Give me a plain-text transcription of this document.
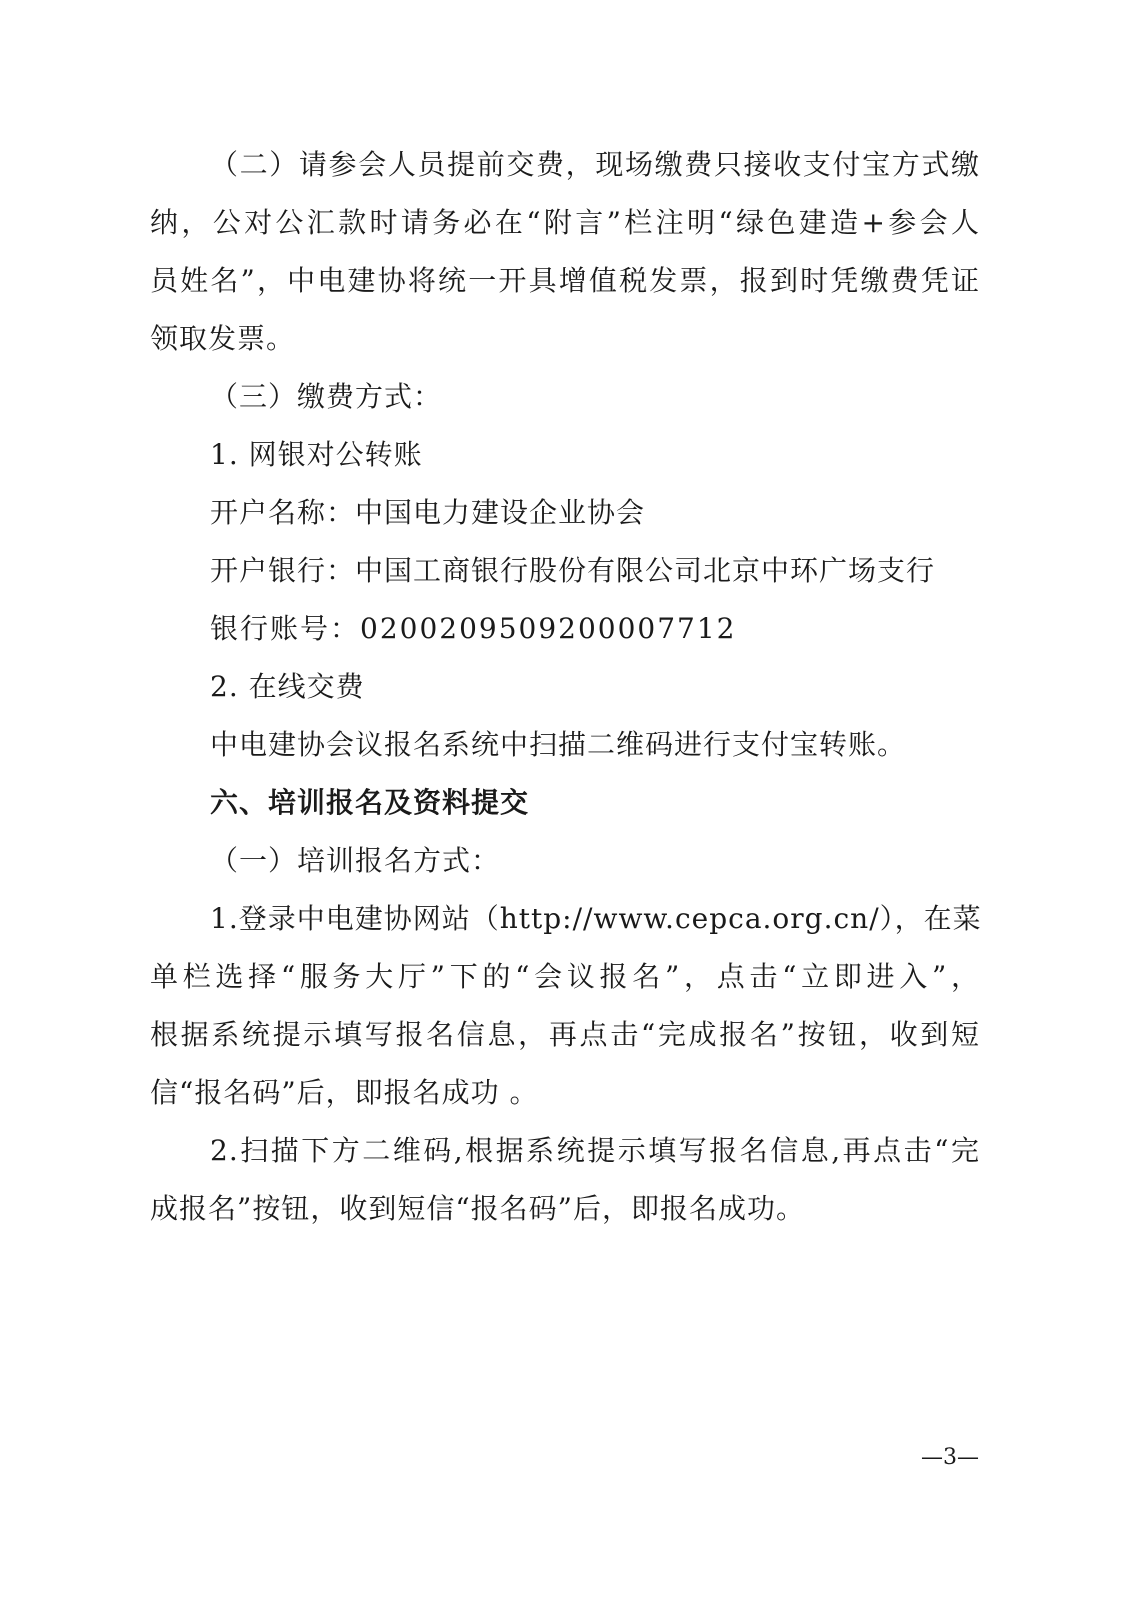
（二）请参会人员提前交费，现场缴费只接收支付宝方式缴
纳，公对公汇款时请务必在“附言”栏注明“绿色建造+参会人
员姓名”，中电建协将统一开具增值税发票，报到时凭缴费凭证
领取发票。
（三）缴费方式：
1. 网银对公转账
开户名称：中国电力建设企业协会
开户银行：中国工商银行股份有限公司北京中环广场支行
银行账号：0200209509200007712
2. 在线交费
中电建协会议报名系统中扫描二维码进行支付宝转账。
六、培训报名及资料提交
（一）培训报名方式：
1.登录中电建协网站（http://www.cepca.org.cn/），在菜
单栏选择“服务大厅”下的“会议报名”，点击“立即进入”，
根据系统提示填写报名信息，再点击“完成报名”按钮，收到短
信“报名码”后，即报名成功 。
2.扫描下方二维码,根据系统提示填写报名信息,再点击“完
成报名”按钮，收到短信“报名码”后，即报名成功。
—3—
